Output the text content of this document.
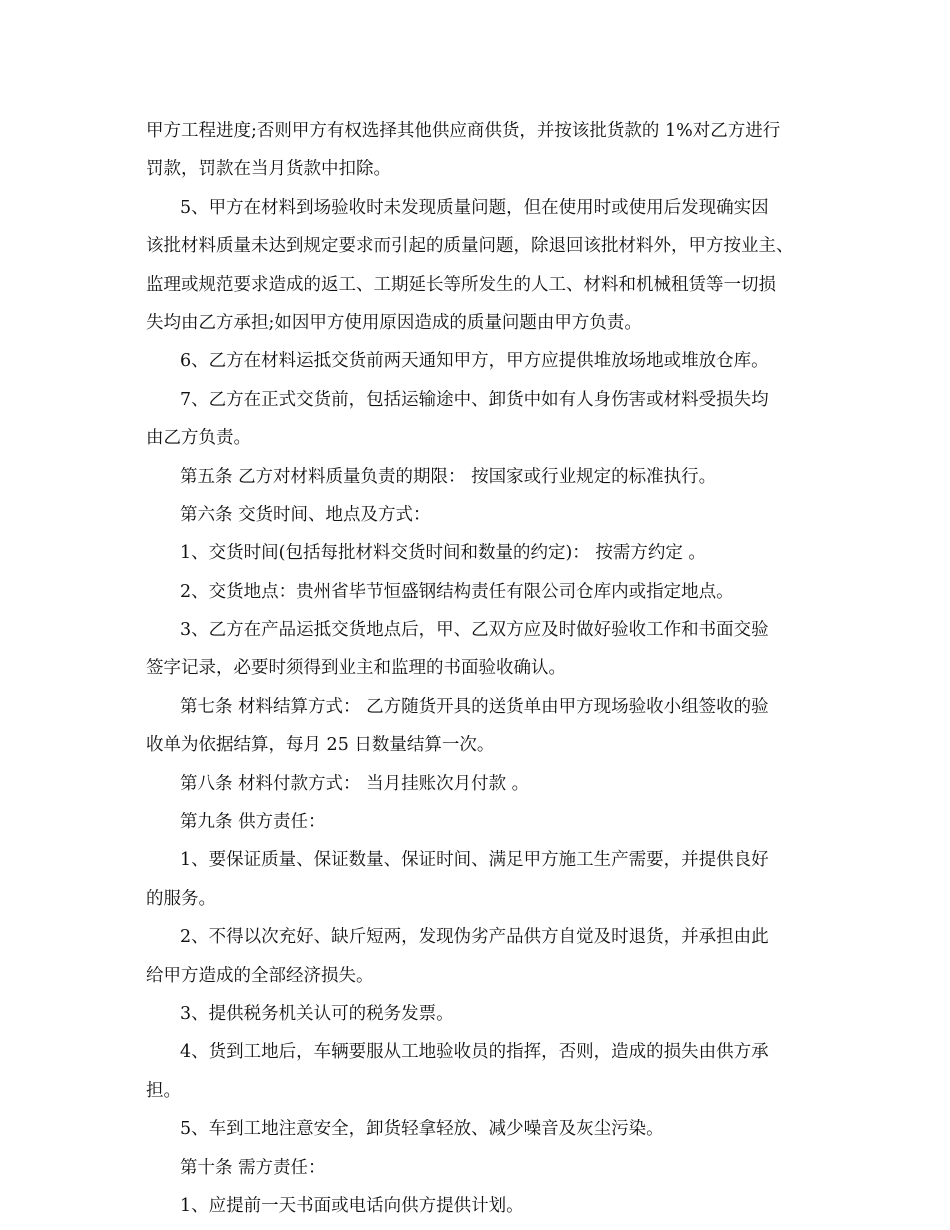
甲方工程进度;否则甲方有权选择其他供应商供货，并按该批货款的 1%对乙方进行
罚款，罚款在当月货款中扣除。
5、甲方在材料到场验收时未发现质量问题，但在使用时或使用后发现确实因
该批材料质量未达到规定要求而引起的质量问题，除退回该批材料外，甲方按业主、
监理或规范要求造成的返工、工期延长等所发生的人工、材料和机械租赁等一切损
失均由乙方承担;如因甲方使用原因造成的质量问题由甲方负责。
6、乙方在材料运抵交货前两天通知甲方，甲方应提供堆放场地或堆放仓库。
7、乙方在正式交货前，包括运输途中、卸货中如有人身伤害或材料受损失均
由乙方负责。
第五条 乙方对材料质量负责的期限： 按国家或行业规定的标准执行。
第六条 交货时间、地点及方式：
1、交货时间(包括每批材料交货时间和数量的约定)： 按需方约定 。
2、交货地点：贵州省毕节恒盛钢结构责任有限公司仓库内或指定地点。
3、乙方在产品运抵交货地点后，甲、乙双方应及时做好验收工作和书面交验
签字记录，必要时须得到业主和监理的书面验收确认。
第七条 材料结算方式： 乙方随货开具的送货单由甲方现场验收小组签收的验
收单为依据结算，每月 25 日数量结算一次。
第八条 材料付款方式： 当月挂账次月付款 。
第九条 供方责任：
1、要保证质量、保证数量、保证时间、满足甲方施工生产需要，并提供良好
的服务。
2、不得以次充好、缺斤短两，发现伪劣产品供方自觉及时退货，并承担由此
给甲方造成的全部经济损失。
3、提供税务机关认可的税务发票。
4、货到工地后，车辆要服从工地验收员的指挥，否则，造成的损失由供方承
担。
5、车到工地注意安全，卸货轻拿轻放、减少噪音及灰尘污染。
第十条 需方责任：
1、应提前一天书面或电话向供方提供计划。
